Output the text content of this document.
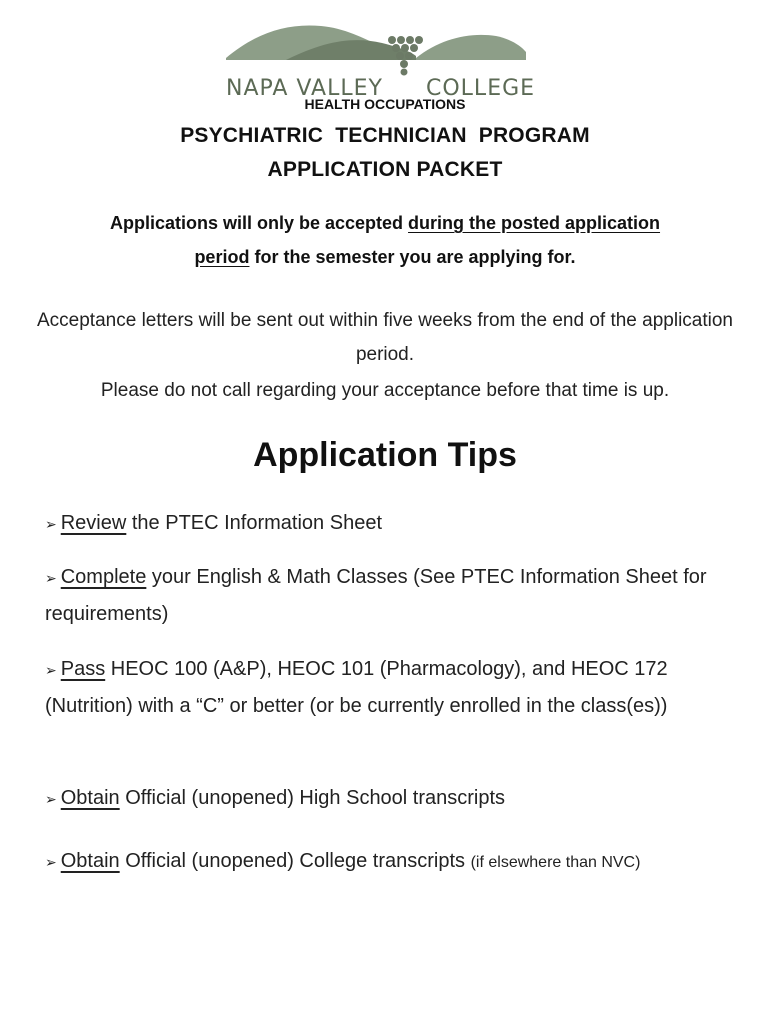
NAPA VALLEY COLLEGE
HEALTH OCCUPATIONS
PSYCHIATRIC TECHNICIAN PROGRAM
APPLICATION PACKET
Applications will only be accepted during the posted application
period for the semester you are applying for.
Acceptance letters will be sent out within five weeks from the end of the application period.
Please do not call regarding your acceptance before that time is up.
Application Tips
➢ Review the PTEC Information Sheet
➢ Complete your English & Math Classes (See PTEC Information Sheet for requirements)
➢ Pass HEOC 100 (A&P), HEOC 101 (Pharmacology), and HEOC 172 (Nutrition) with a “C” or better (or be currently enrolled in the class(es))
➢ Obtain Official (unopened) High School transcripts
➢ Obtain Official (unopened) College transcripts (if elsewhere than NVC)
